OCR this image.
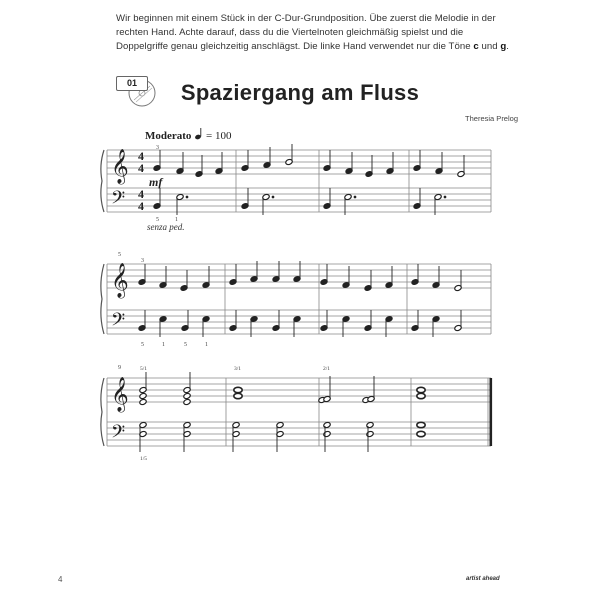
Wir beginnen mit einem Stück in der C-Dur-Grundposition. Übe zuerst die Melodie in der rechten Hand. Achte darauf, dass du die Viertelnoten gleichmäßig spielst und die Doppelgriffe genau gleichzeitig anschlägst. Die linke Hand verwendet nur die Töne c und g.
01	Spaziergang am Fluss
Theresia Prelog
Moderato = 100
𝄞
𝄢
4
4
4
4
3
mf
5	1
senza ped.
5
𝄞
𝄢
3
5	1	5	1
9
𝄞
𝄢
5/1	3/1	2/1
1/5
4	artist ahead
